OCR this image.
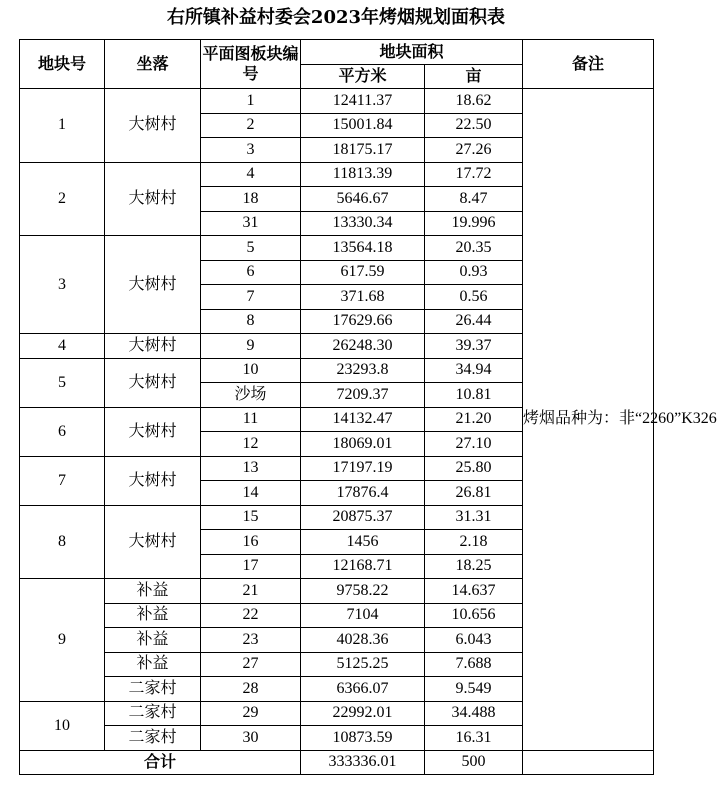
右所镇补益村委会2023年烤烟规划面积表
地块号	坐落	平面图板块编号	地块面积		备注
			平方米	亩	
1	大树村	1	12411.37	18.62	烤烟品种为：非“2260”K326
		2	15001.84	22.50	
		3	18175.17	27.26	
2	大树村	4	11813.39	17.72	
		18	5646.67	8.47	
		31	13330.34	19.996	
3	大树村	5	13564.18	20.35	
		6	617.59	0.93	
		7	371.68	0.56	
		8	17629.66	26.44	
4	大树村	9	26248.30	39.37	
5	大树村	10	23293.8	34.94	
		沙场	7209.37	10.81	
6	大树村	11	14132.47	21.20	
		12	18069.01	27.10	
7	大树村	13	17197.19	25.80	
		14	17876.4	26.81	
8	大树村	15	20875.37	31.31	
		16	1456	2.18	
		17	12168.71	18.25	
9	补益	21	9758.22	14.637	
	补益	22	7104	10.656	
	补益	23	4028.36	6.043	
	补益	27	5125.25	7.688	
	二家村	28	6366.07	9.549	
10	二家村	29	22992.01	34.488	
	二家村	30	10873.59	16.31	
合计			333336.01	500	
